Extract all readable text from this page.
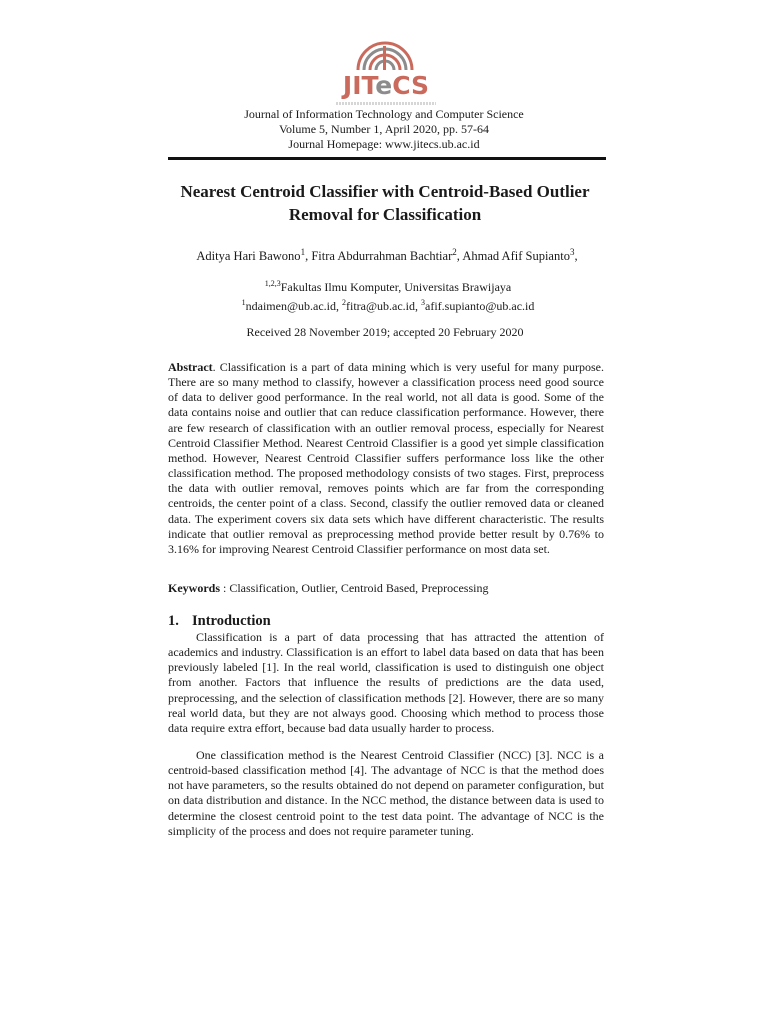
JITeCS
Journal of Information Technology and Computer Science
Volume 5, Number 1, April 2020, pp. 57-64
Journal Homepage: www.jitecs.ub.ac.id
Nearest Centroid Classifier with Centroid-Based Outlier
Removal for Classification
Aditya Hari Bawono$^1$, Fitra Abdurrahman Bachtiar$^2$, Ahmad Afif Supianto$^3$,
$^{1,2,3}$Fakultas Ilmu Komputer, Universitas Brawijaya
$^1$ndaimen@ub.ac.id, $^2$fitra@ub.ac.id, $^3$afif.supianto@ub.ac.id
Received 28 November 2019; accepted 20 February 2020
Abstract. Classification is a part of data mining which is very useful for many purpose. There are so many method to classify, however a classification process need good source of data to deliver good performance. In the real world, not all data is good. Some of the data contains noise and outlier that can reduce classification performance. However, there are few research of classification with an outlier removal process, especially for Nearest Centroid Classifier Method. Nearest Centroid Classifier is a good yet simple classification method. However, Nearest Centroid Classifier suffers performance loss like the other classification method. The proposed methodology consists of two stages. First, preprocess the data with outlier removal, removes points which are far from the corresponding centroids, the center point of a class. Second, classify the outlier removed data or cleaned data. The experiment covers six data sets which have different characteristic. The results indicate that outlier removal as preprocessing method provide better result by 0.76% to 3.16% for improving Nearest Centroid Classifier performance on most data set.
Keywords : Classification, Outlier, Centroid Based, Preprocessing
1. Introduction
Classification is a part of data processing that has attracted the attention of academics and industry. Classification is an effort to label data based on data that has been previously labeled [1]. In the real world, classification is used to distinguish one object from another. Factors that influence the results of predictions are the data used, preprocessing, and the selection of classification methods [2]. However, there are so many real world data, but they are not always good. Choosing which method to process those data require extra effort, because bad data usually harder to process.
One classification method is the Nearest Centroid Classifier (NCC) [3]. NCC is a centroid-based classification method [4]. The advantage of NCC is that the method does not have parameters, so the results obtained do not depend on parameter configuration, but on data distribution and distance. In the NCC method, the distance between data is used to determine the closest centroid point to the test data point. The advantage of NCC is the simplicity of the process and does not require parameter tuning.
